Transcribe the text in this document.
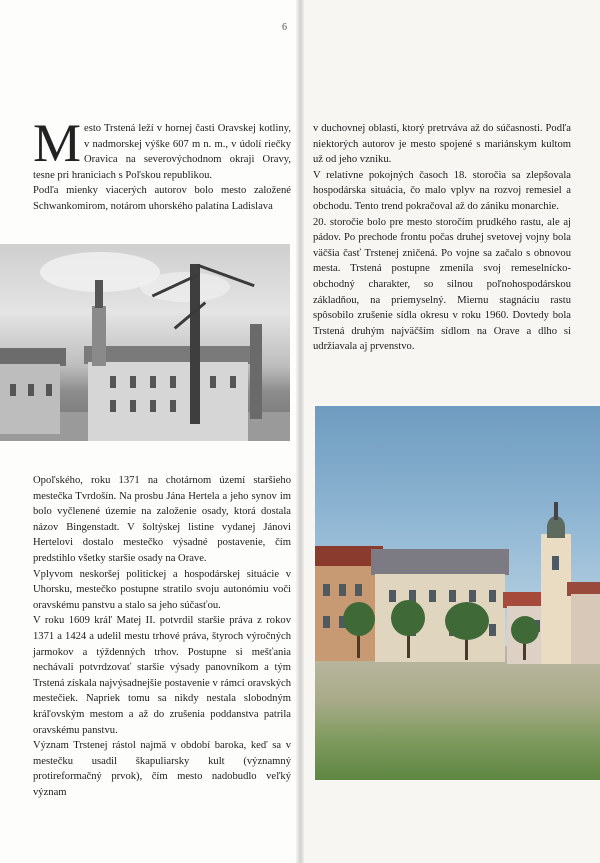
6

Mesto Trstená leží v hornej časti Oravskej kotliny, v nadmorskej výške 607 m n. m., v údolí riečky Oravica na severovýchodnom okraji Oravy, tesne pri hraniciach s Poľskou republikou.

Podľa mienky viacerých autorov bolo mesto založené Schwankomirom, notárom uhorského palatína Ladislava

Opoľského, roku 1371 na chotárnom území staršieho mestečka Tvrdošín. Na prosbu Jána Hertela a jeho synov im bolo vyčlenené územie na založenie osady, ktorá dostala názov Bingenstadt. V šoltýskej listine vydanej Jánovi Hertelovi dostalo mestečko výsadné postavenie, čím predstihlo všetky staršie osady na Orave.

Vplyvom neskoršej politickej a hospodárskej situácie v Uhorsku, mestečko postupne stratilo svoju autonómiu voči oravskému panstvu a stalo sa jeho súčasťou.

V roku 1609 kráľ Matej II. potvrdil staršie práva z rokov 1371 a 1424 a udelil mestu trhové práva, štyroch výročných jarmokov a týždenných trhov. Postupne si mešťania nechávali potvrdzovať staršie výsady panovníkom a tým Trstená získala najvýsadnejšie postavenie v rámci oravských mestečiek. Napriek tomu sa nikdy nestala slobodným kráľovským mestom a až do zrušenia poddanstva patrila oravskému panstvu.

Význam Trstenej rástol najmä v období baroka, keď sa v mestečku usadil škapuliarsky kult (významný protireformačný prvok), čím mesto nadobudlo veľký význam

v duchovnej oblasti, ktorý pretrváva až do súčasnosti. Podľa niektorých autorov je mesto spojené s mariánskym kultom už od jeho vzniku.

V relatívne pokojných časoch 18. storočia sa zlepšovala hospodárska situácia, čo malo vplyv na rozvoj remesiel a obchodu. Tento trend pokračoval až do zániku monarchie.

20. storočie bolo pre mesto storočím prudkého rastu, ale aj pádov. Po prechode frontu počas druhej svetovej vojny bola väčšia časť Trstenej zničená. Po vojne sa začalo s obnovou mesta. Trstená postupne zmenila svoj remeselnícko-obchodný charakter, so silnou poľnohospodárskou základňou, na priemyselný. Miernu stagnáciu rastu spôsobilo zrušenie sídla okresu v roku 1960. Dovtedy bola Trstená druhým najväčším sídlom na Orave a dlho si udržiavala aj prvenstvo.
